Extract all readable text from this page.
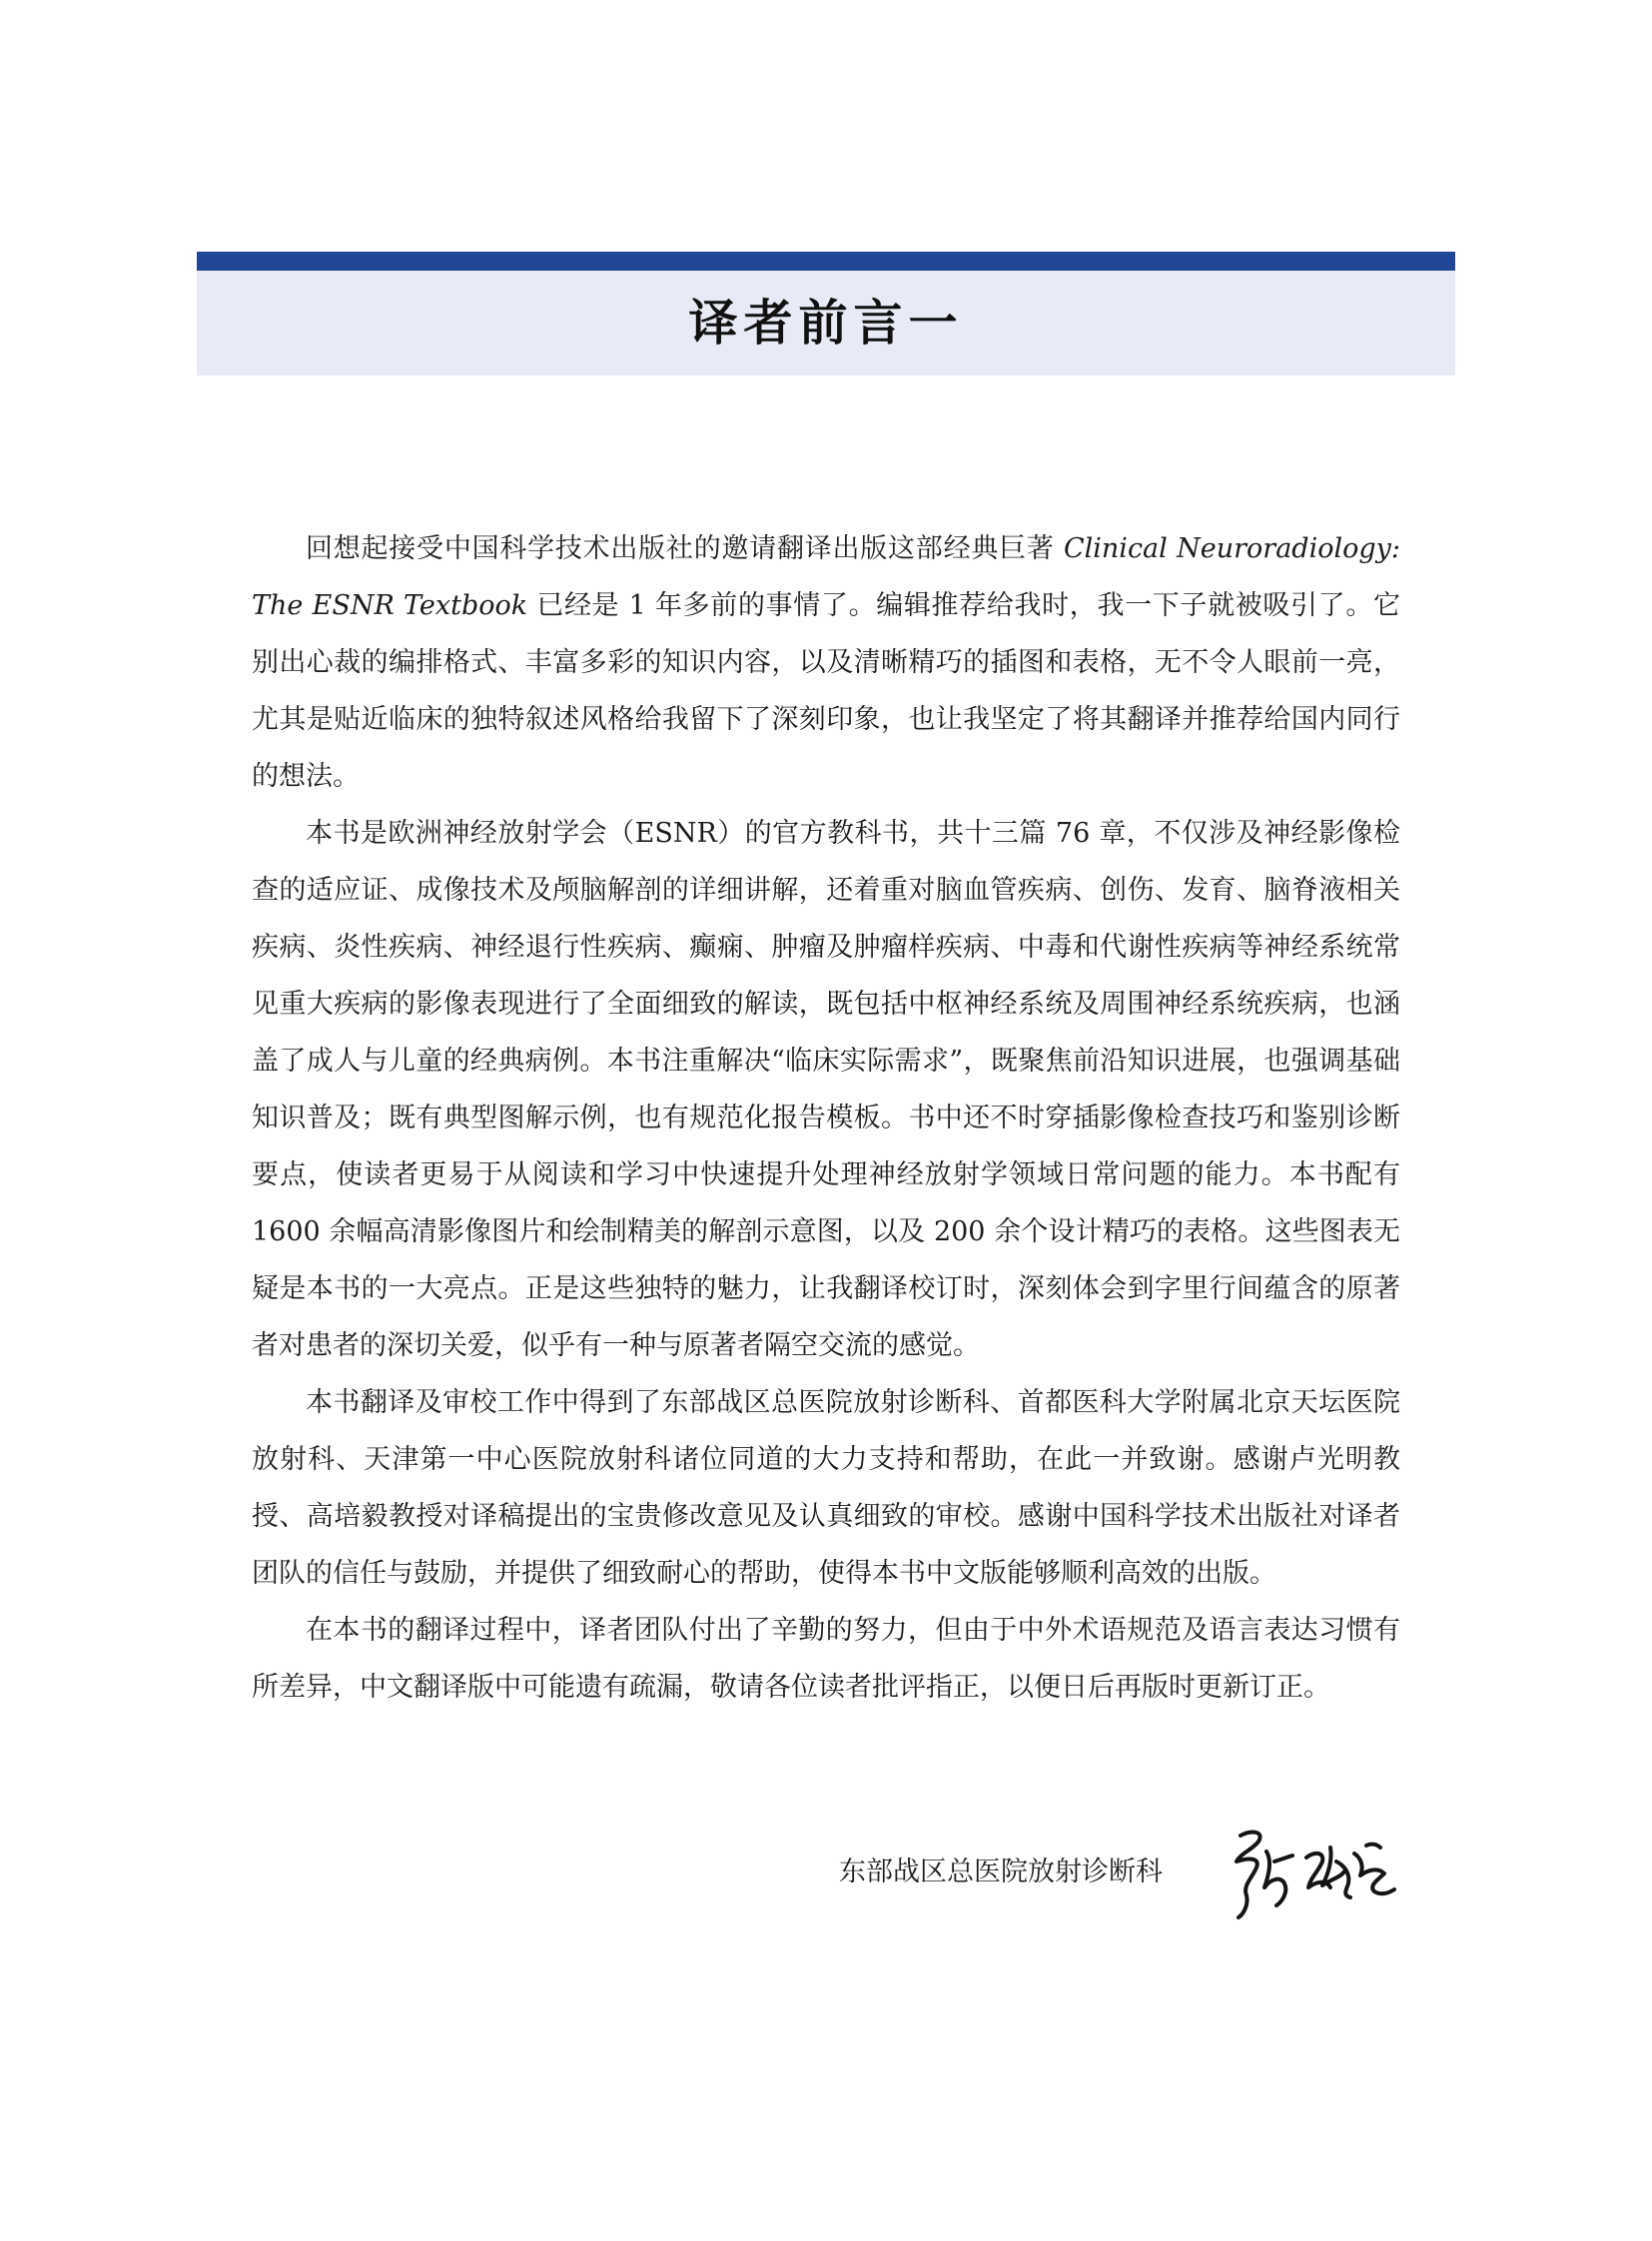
译者前言一

回想起接受中国科学技术出版社的邀请翻译出版这部经典巨著 Clinical Neuroradiology: The ESNR Textbook 已经是 1 年多前的事情了。编辑推荐给我时，我一下子就被吸引了。它别出心裁的编排格式、丰富多彩的知识内容，以及清晰精巧的插图和表格，无不令人眼前一亮，尤其是贴近临床的独特叙述风格给我留下了深刻印象，也让我坚定了将其翻译并推荐给国内同行的想法。

本书是欧洲神经放射学会（ESNR）的官方教科书，共十三篇 76 章，不仅涉及神经影像检查的适应证、成像技术及颅脑解剖的详细讲解，还着重对脑血管疾病、创伤、发育、脑脊液相关疾病、炎性疾病、神经退行性疾病、癫痫、肿瘤及肿瘤样疾病、中毒和代谢性疾病等神经系统常见重大疾病的影像表现进行了全面细致的解读，既包括中枢神经系统及周围神经系统疾病，也涵盖了成人与儿童的经典病例。本书注重解决“临床实际需求”，既聚焦前沿知识进展，也强调基础知识普及；既有典型图解示例，也有规范化报告模板。书中还不时穿插影像检查技巧和鉴别诊断要点，使读者更易于从阅读和学习中快速提升处理神经放射学领域日常问题的能力。本书配有 1600 余幅高清影像图片和绘制精美的解剖示意图，以及 200 余个设计精巧的表格。这些图表无疑是本书的一大亮点。正是这些独特的魅力，让我翻译校订时，深刻体会到字里行间蕴含的原著者对患者的深切关爱，似乎有一种与原著者隔空交流的感觉。

本书翻译及审校工作中得到了东部战区总医院放射诊断科、首都医科大学附属北京天坛医院放射科、天津第一中心医院放射科诸位同道的大力支持和帮助，在此一并致谢。感谢卢光明教授、高培毅教授对译稿提出的宝贵修改意见及认真细致的审校。感谢中国科学技术出版社对译者团队的信任与鼓励，并提供了细致耐心的帮助，使得本书中文版能够顺利高效的出版。

在本书的翻译过程中，译者团队付出了辛勤的努力，但由于中外术语规范及语言表达习惯有所差异，中文翻译版中可能遗有疏漏，敬请各位读者批评指正，以便日后再版时更新订正。

东部战区总医院放射诊断科
